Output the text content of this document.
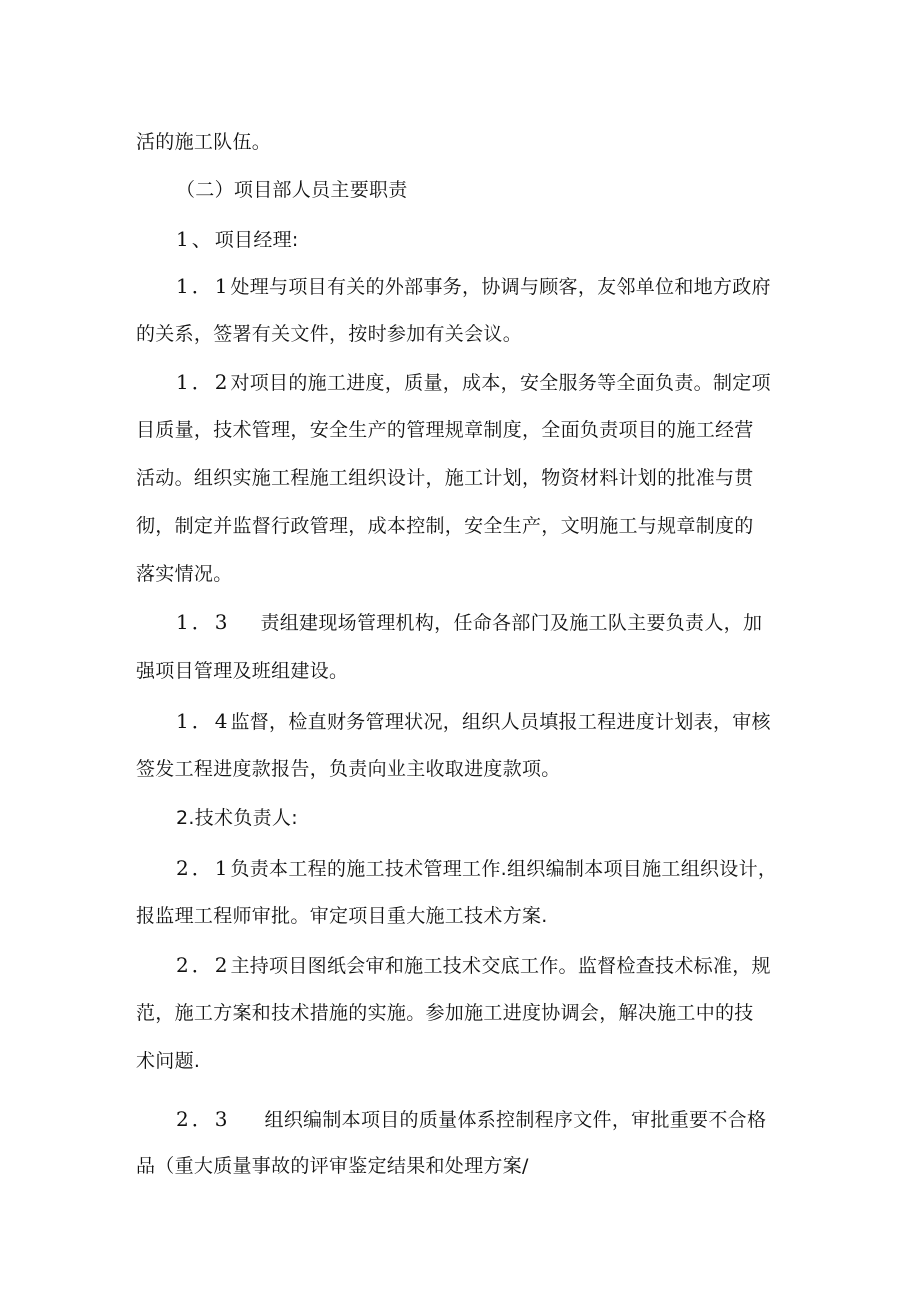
活的施工队伍。
（二）项目部人员主要职责
1、项目经理:
1．1处理与项目有关的外部事务，协调与顾客，友邻单位和地方政府
的关系，签署有关文件，按时参加有关会议。
1．2对项目的施工进度，质量，成本，安全服务等全面负责。制定项
目质量，技术管理，安全生产的管理规章制度，全面负责项目的施工经营
活动。组织实施工程施工组织设计，施工计划，物资材料计划的批准与贯
彻，制定并监督行政管理，成本控制，安全生产，文明施工与规章制度的
落实情况。
1．3 责组建现场管理机构，任命各部门及施工队主要负责人，加
强项目管理及班组建设。
1．4监督，检直财务管理状况，组织人员填报工程进度计划表，审核
签发工程进度款报告，负责向业主收取进度款项。
2.技术负责人:
2．1负责本工程的施工技术管理工作.组织编制本项目施工组织设计，
报监理工程师审批。审定项目重大施工技术方案.
2．2主持项目图纸会审和施工技术交底工作。监督检查技术标准，规
范，施工方案和技术措施的实施。参加施工进度协调会，解决施工中的技
术问题.
2．3 组织编制本项目的质量体系控制程序文件，审批重要不合格
品（重大质量事故的评审鉴定结果和处理方案/
